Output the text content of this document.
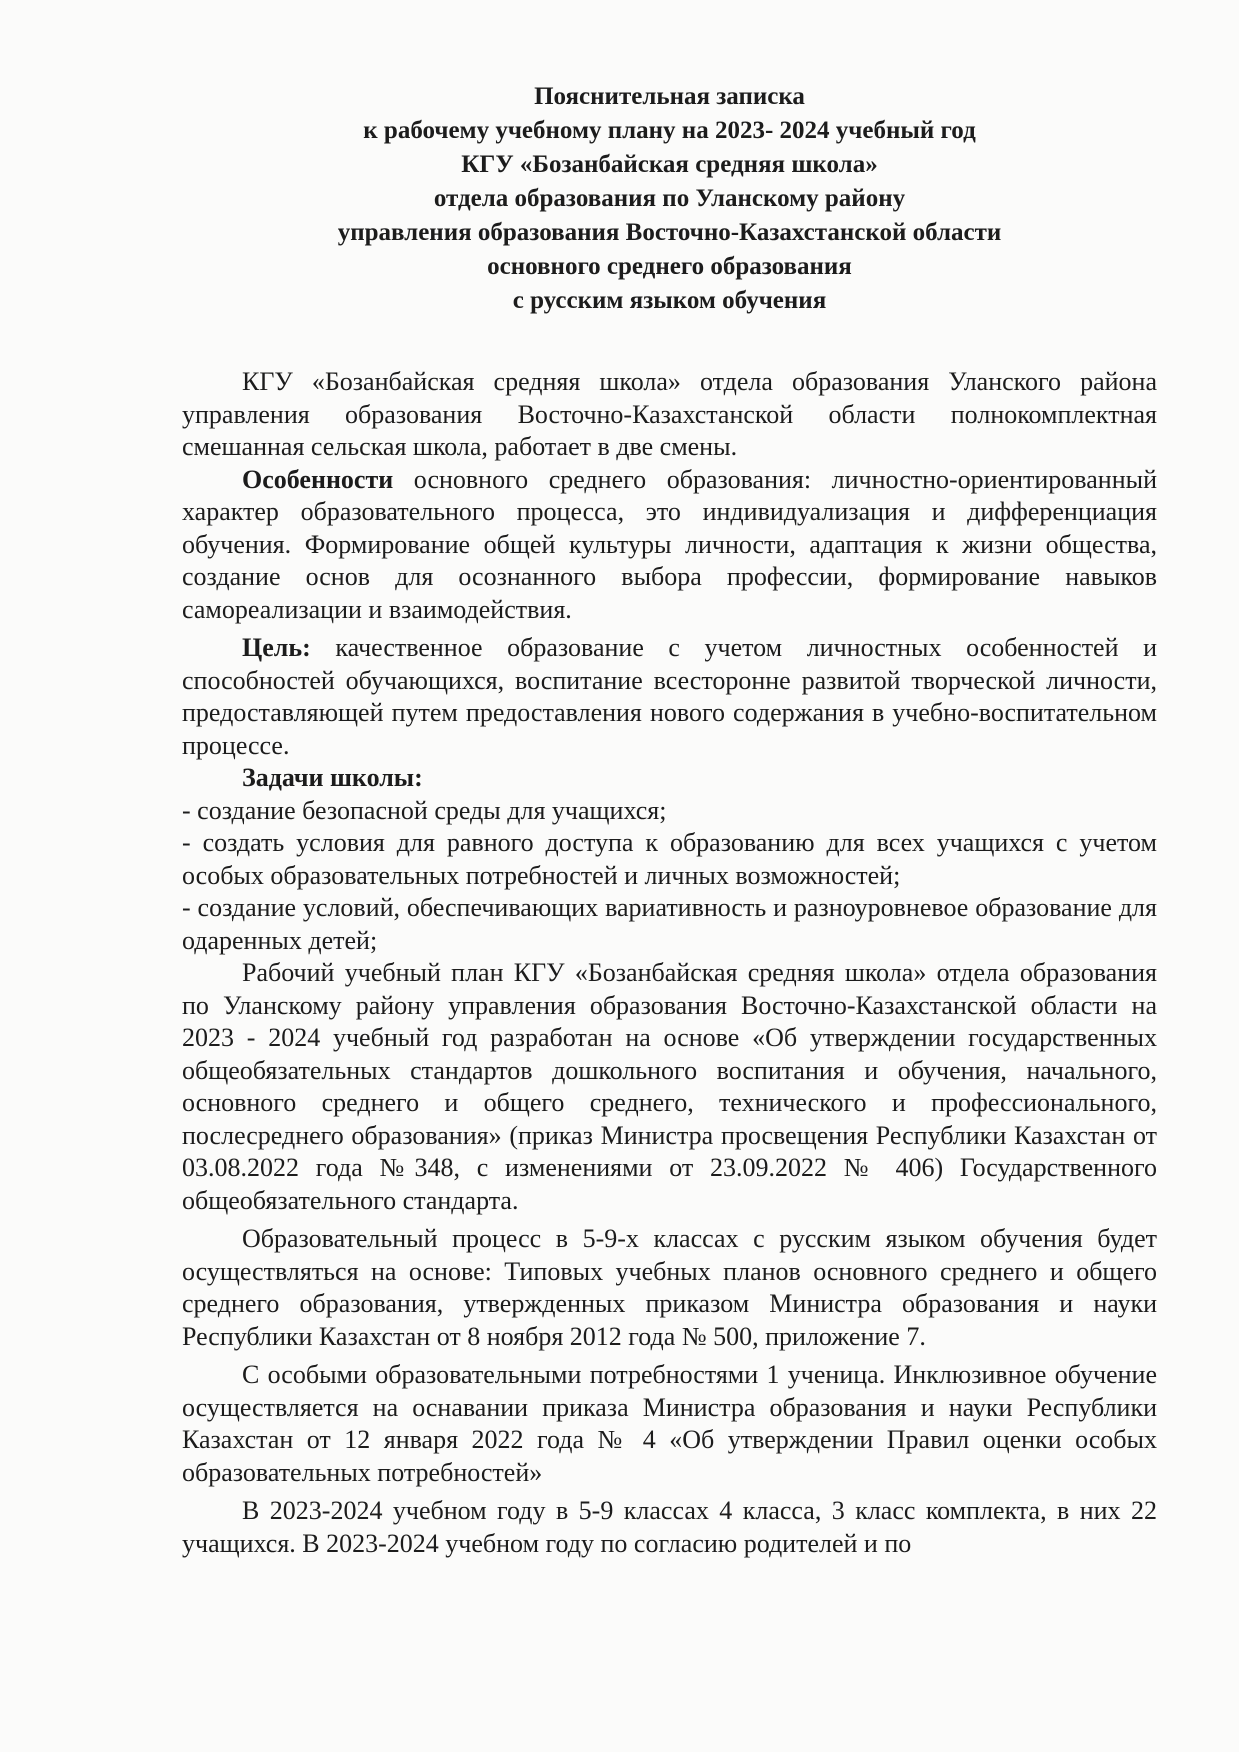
Пояснительная записка
к рабочему учебному плану на 2023- 2024 учебный год
КГУ «Бозанбайская средняя школа»
отдела образования по Уланскому району
управления образования Восточно-Казахстанской области
основного среднего образования
с русским языком обучения

КГУ «Бозанбайская средняя школа» отдела образования Уланского района управления образования Восточно-Казахстанской области полнокомплектная смешанная сельская школа, работает в две смены.

Особенности основного среднего образования: личностно-ориентированный характер образовательного процесса, это индивидуализация и дифференциация обучения. Формирование общей культуры личности, адаптация к жизни общества, создание основ для осознанного выбора профессии, формирование навыков самореализации и взаимодействия.

Цель: качественное образование с учетом личностных особенностей и способностей обучающихся, воспитание всесторонне развитой творческой личности, предоставляющей путем предоставления нового содержания в учебно-воспитательном процессе.

Задачи школы:

- создание безопасной среды для учащихся;

- создать условия для равного доступа к образованию для всех учащихся с учетом особых образовательных потребностей и личных возможностей;

- создание условий, обеспечивающих вариативность и разноуровневое образование для одаренных детей;

Рабочий учебный план КГУ «Бозанбайская средняя школа» отдела образования по Уланскому району управления образования Восточно-Казахстанской области на 2023 - 2024 учебный год разработан на основе «Об утверждении государственных общеобязательных стандартов дошкольного воспитания и обучения, начального, основного среднего и общего среднего, технического и профессионального, послесреднего образования» (приказ Министра просвещения Республики Казахстан от 03.08.2022 года №348, с изменениями от 23.09.2022 № 406) Государственного общеобязательного стандарта.

Образовательный процесс в 5-9-х классах с русским языком обучения будет осуществляться на основе: Типовых учебных планов основного среднего и общего среднего образования, утвержденных приказом Министра образования и науки Республики Казахстан от 8 ноября 2012 года № 500, приложение 7.

С особыми образовательными потребностями 1 ученица. Инклюзивное обучение осуществляется на оснавании приказа Министра образования и науки Республики Казахстан от 12 января 2022 года № 4 «Об утверждении Правил оценки особых образовательных потребностей»

В 2023-2024 учебном году в 5-9 классах 4 класса, 3 класс комплекта, в них 22 учащихся. В 2023-2024 учебном году по согласию родителей и по
